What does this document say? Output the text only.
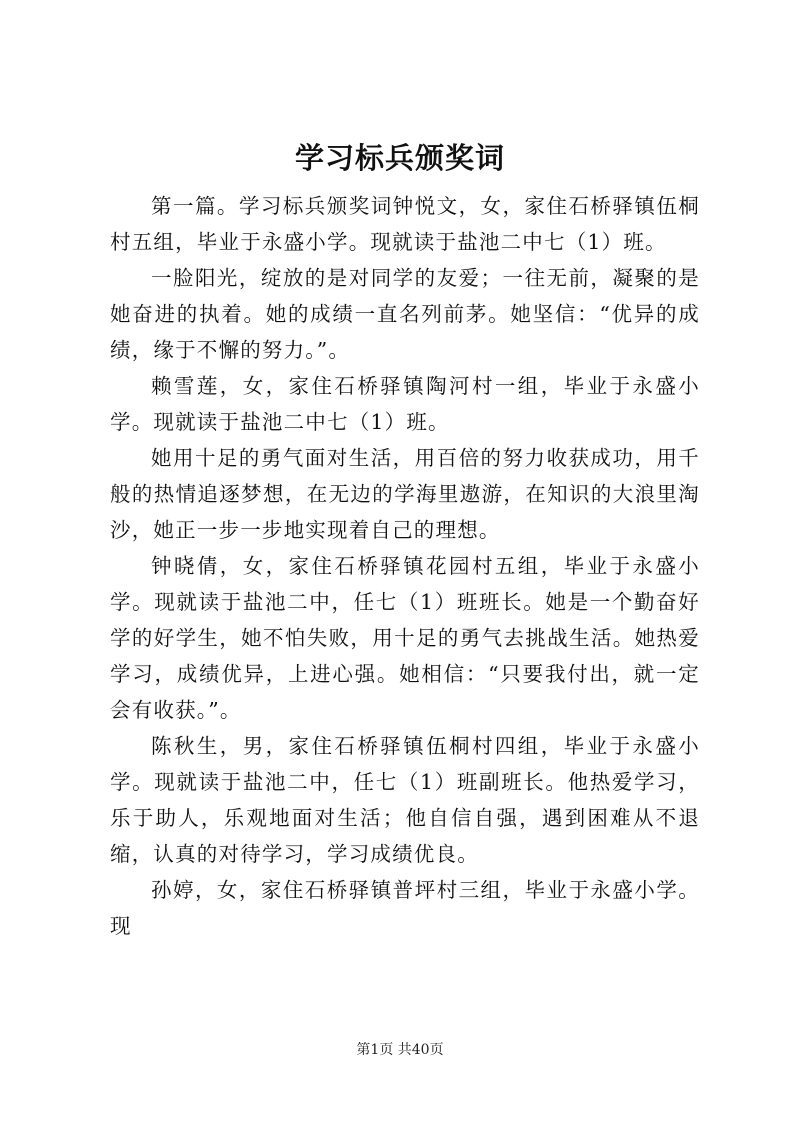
学习标兵颁奖词

第一篇。学习标兵颁奖词钟悦文，女，家住石桥驿镇伍桐村五组，毕业于永盛小学。现就读于盐池二中七（1）班。

一脸阳光，绽放的是对同学的友爱；一往无前，凝聚的是她奋进的执着。她的成绩一直名列前茅。她坚信：“优异的成绩，缘于不懈的努力。”。

赖雪莲，女，家住石桥驿镇陶河村一组，毕业于永盛小学。现就读于盐池二中七（1）班。

她用十足的勇气面对生活，用百倍的努力收获成功，用千般的热情追逐梦想，在无边的学海里遨游，在知识的大浪里淘沙，她正一步一步地实现着自己的理想。

钟晓倩，女，家住石桥驿镇花园村五组，毕业于永盛小学。现就读于盐池二中，任七（1）班班长。她是一个勤奋好学的好学生，她不怕失败，用十足的勇气去挑战生活。她热爱学习，成绩优异，上进心强。她相信：“只要我付出，就一定会有收获。”。

陈秋生，男，家住石桥驿镇伍桐村四组，毕业于永盛小学。现就读于盐池二中，任七（1）班副班长。他热爱学习，乐于助人，乐观地面对生活；他自信自强，遇到困难从不退缩，认真的对待学习，学习成绩优良。

孙婷，女，家住石桥驿镇普坪村三组，毕业于永盛小学。现

第1页 共40页
